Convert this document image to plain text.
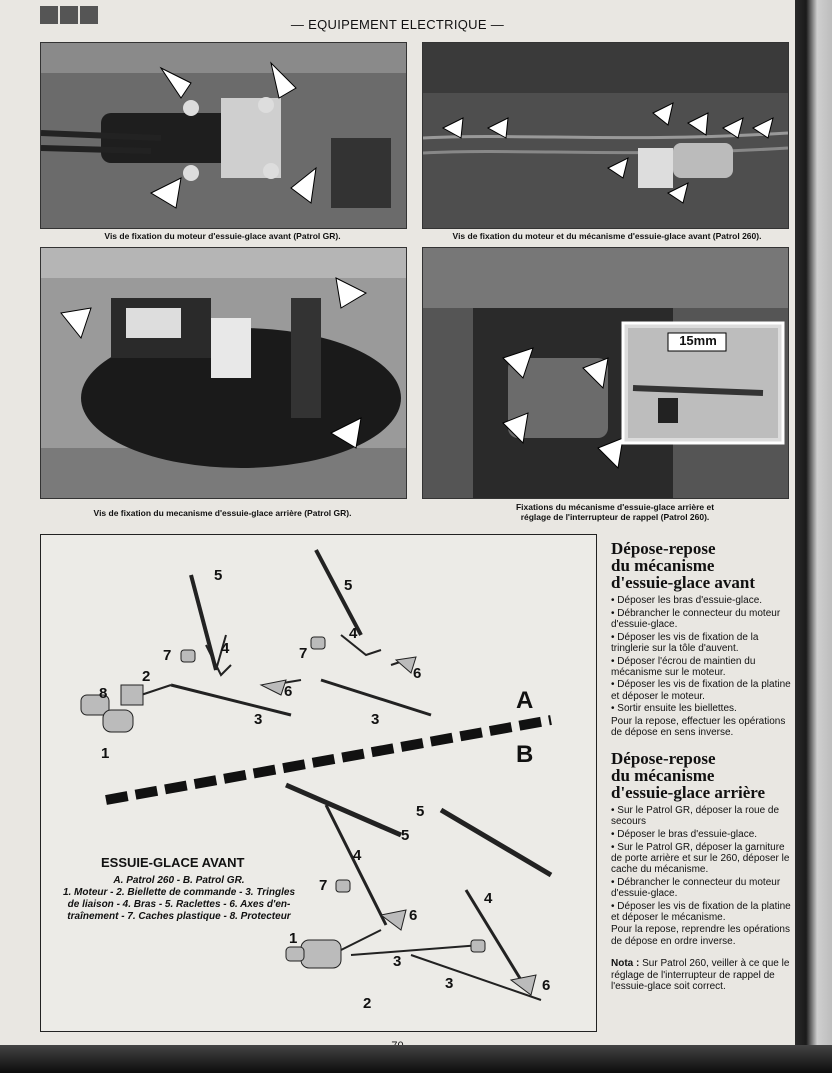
— EQUIPEMENT ELECTRIQUE —
Vis de fixation du moteur d'essuie-glace avant (Patrol GR).	Vis de fixation du moteur et du mécanisme d'essuie-glace avant (Patrol 260).
Vis de fixation du mecanisme d'essuie-glace arrière (Patrol GR).
15mm
Fixations du mécanisme d'essuie-glace arrière et
réglage de l'interrupteur de rappel (Patrol 260).
5
4
7
6
2
8
3
1
5
4
7
6
3
A
B
5
5
4
7
6
1
3
2
3
4
6
ESSUIE-GLACE AVANT
A. Patrol 260 - B. Patrol GR.
1. Moteur - 2. Biellette de commande - 3. Tringles
de liaison - 4. Bras - 5. Raclettes - 6. Axes d'en-
traînement - 7. Caches plastique - 8. Protecteur
Dépose-repose
du mécanisme
d'essuie-glace avant

• Déposer les bras d'essuie-glace.

• Débrancher le connecteur du moteur d'essuie-glace.

• Déposer les vis de fixation de la tringlerie sur la tôle d'auvent.

• Déposer l'écrou de maintien du mécanisme sur le moteur.

• Déposer les vis de fixation de la platine et déposer le moteur.

• Sortir ensuite les biellettes.

Pour la repose, effectuer les opérations de dépose en sens inverse.

Dépose-repose
du mécanisme
d'essuie-glace arrière

• Sur le Patrol GR, déposer la roue de secours

• Déposer le bras d'essuie-glace.

• Sur le Patrol GR, déposer la garniture de porte arrière et sur le 260, déposer le cache du mécanisme.

• Débrancher le connecteur du moteur d'essuie-glace.

• Déposer les vis de fixation de la platine et déposer le mécanisme.

Pour la repose, reprendre les opérations de dépose en ordre inverse.

Nota : Sur Patrol 260, veiller à ce que le réglage de l'interrupteur de rappel de l'essuie-glace soit correct.
